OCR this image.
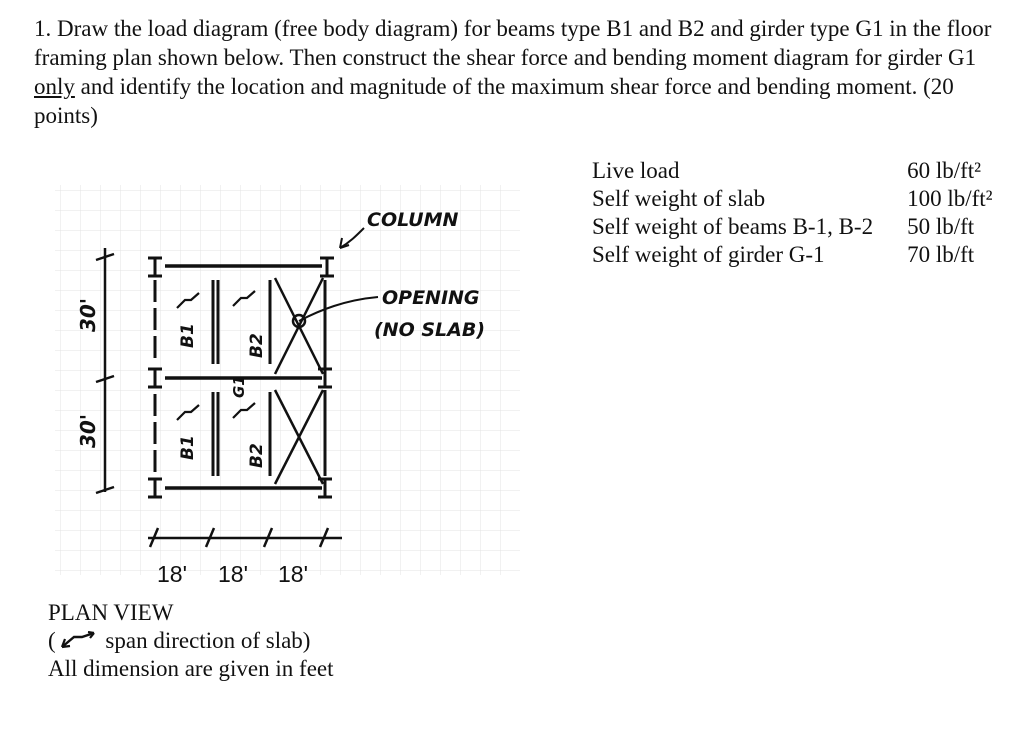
1. Draw the load diagram (free body diagram) for beams type B1 and B2 and girder type G1 in the floor framing plan shown below. Then construct the shear force and bending moment diagram for girder G1 only and identify the location and magnitude of the maximum shear force and bending moment. (20 points)

Live load	60 lb/ft²
Self weight of slab	100 lb/ft²
Self weight of beams B-1, B-2	50 lb/ft
Self weight of girder G-1	70 lb/ft
COLUMN
OPENING
(NO SLAB)
30'
30'
B1	B2
B1	B2
G1
18' 18' 18'
PLAN VIEW
( span direction of slab)
All dimension are given in feet
